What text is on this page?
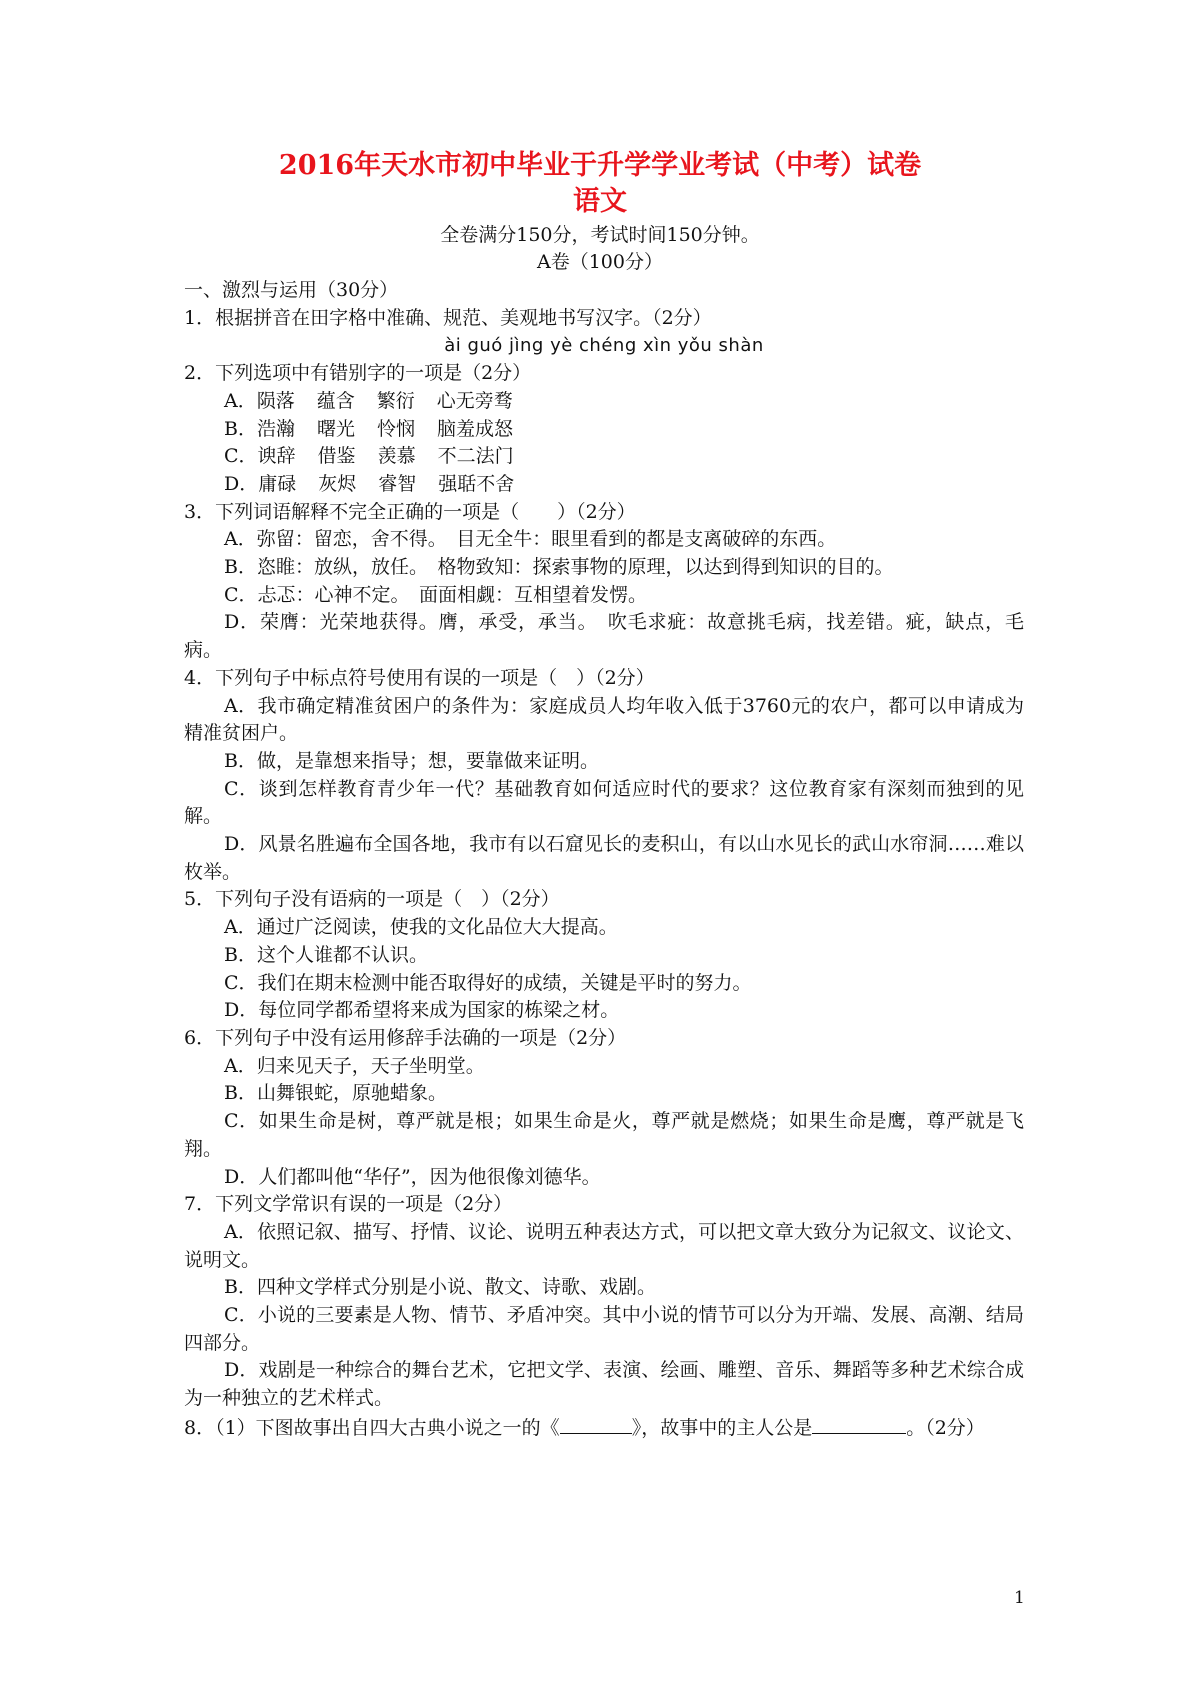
2016年天水市初中毕业于升学学业考试（中考）试卷
语文
全卷满分150分，考试时间150分钟。
A卷（100分）

一、激烈与运用（30分）

1．根据拼音在田字格中准确、规范、美观地书写汉字。（2分）

ài guó jìng yè chéng xìn yǒu shàn

2．下列选项中有错别字的一项是（2分）

A．陨落 蕴含 繁衍 心无旁骛

B．浩瀚 曙光 怜悯 脑羞成怒

C．谀辞 借鉴 羡慕 不二法门

D．庸碌 灰烬 睿智 强聒不舍

3．下列词语解释不完全正确的一项是（　　）（2分）

A．弥留：留恋，舍不得。　目无全牛：眼里看到的都是支离破碎的东西。

B．恣睢：放纵，放任。　格物致知：探索事物的原理，以达到得到知识的目的。

C．忐忑：心神不定。　面面相觑：互相望着发愣。

D．荣膺：光荣地获得。膺，承受，承当。　吹毛求疵：故意挑毛病，找差错。疵，缺点，毛病。

4．下列句子中标点符号使用有误的一项是（　）（2分）

A．我市确定精准贫困户的条件为：家庭成员人均年收入低于3760元的农户，都可以申请成为精准贫困户。

B．做，是靠想来指导；想，要靠做来证明。

C．谈到怎样教育青少年一代？基础教育如何适应时代的要求？这位教育家有深刻而独到的见解。

D．风景名胜遍布全国各地，我市有以石窟见长的麦积山，有以山水见长的武山水帘洞……难以枚举。

5．下列句子没有语病的一项是（　）（2分）

A．通过广泛阅读，使我的文化品位大大提高。

B．这个人谁都不认识。

C．我们在期末检测中能否取得好的成绩，关键是平时的努力。

D．每位同学都希望将来成为国家的栋梁之材。

6．下列句子中没有运用修辞手法确的一项是（2分）

A．归来见天子，天子坐明堂。

B．山舞银蛇，原驰蜡象。

C．如果生命是树，尊严就是根；如果生命是火，尊严就是燃烧；如果生命是鹰，尊严就是飞翔。

D．人们都叫他“华仔”，因为他很像刘德华。

7．下列文学常识有误的一项是（2分）

A．依照记叙、描写、抒情、议论、说明五种表达方式，可以把文章大致分为记叙文、议论文、说明文。

B．四种文学样式分别是小说、散文、诗歌、戏剧。

C．小说的三要素是人物、情节、矛盾冲突。其中小说的情节可以分为开端、发展、高潮、结局四部分。

D．戏剧是一种综合的舞台艺术，它把文学、表演、绘画、雕塑、音乐、舞蹈等多种艺术综合成为一种独立的艺术样式。

8．（1）下图故事出自四大古典小说之一的《	》，故事中的主人公是	。（2分）

1
